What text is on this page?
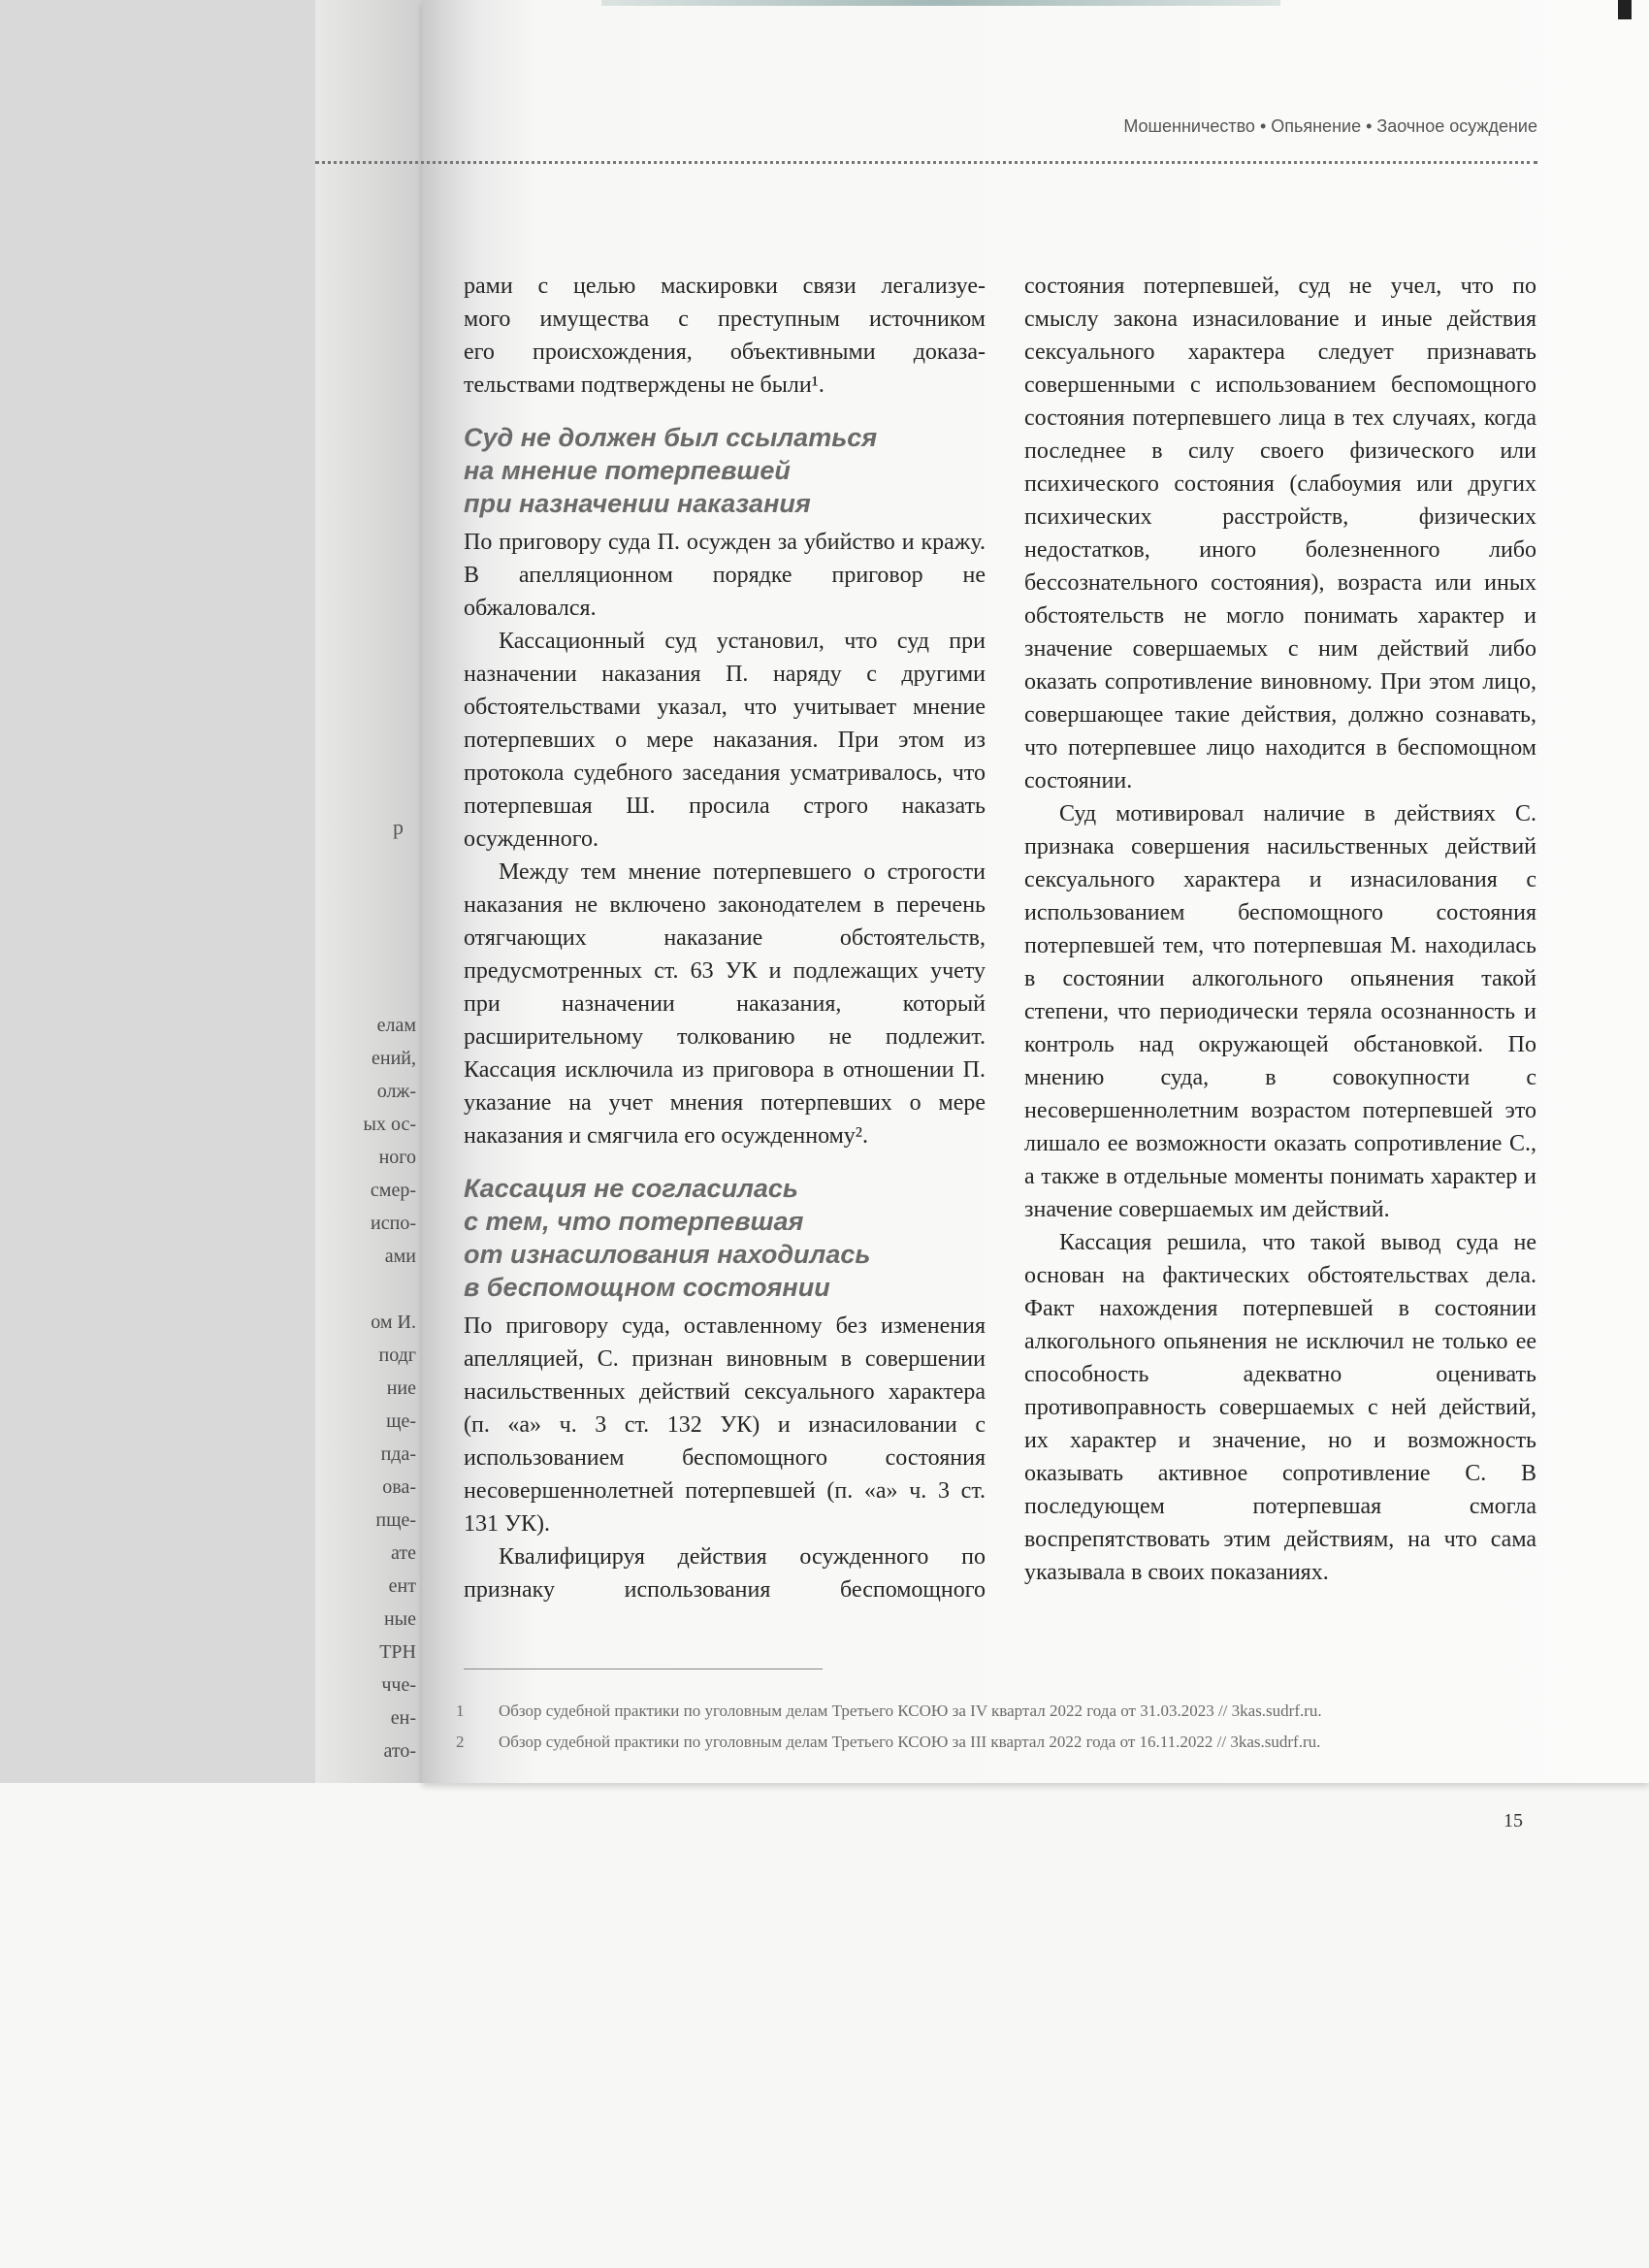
р
елам
ений,
олж-
ых ос-
ного
смер-
испо-
ами

ом И.
подг
ние
ще-
пда-
ова-
пще-
ате
ент
ные
ТРН
чче-
ен-
ато-
Мошенничество • Опьянение • Заочное осуждение

рами с целью маскировки связи легализуе-

мого имущества с преступным источником

его происхождения, объективными доказа-

тельствами подтверждены не были¹.

Суд не должен был ссылаться
на мнение потерпевшей
при назначении наказания

По приговору суда П. осужден за убийство и кражу. В апелляционном порядке приговор не обжаловался.

Кассационный суд установил, что суд при назначении наказания П. наряду с другими обстоятельствами указал, что учитывает мнение потерпевших о мере наказания. При этом из протокола судебного заседания усматривалось, что потерпевшая Ш. просила строго наказать осужденного.

Между тем мнение потерпевшего о строгости наказания не включено законодателем в перечень отягчающих наказание обстоятельств, предусмотренных ст. 63 УК и подлежащих учету при назначении наказания, который расширительному толкованию не подлежит. Кассация исключила из приговора в отношении П. указание на учет мнения потерпевших о мере наказания и смягчила его осужденному².

Кассация не согласилась
с тем, что потерпевшая
от изнасилования находилась
в беспомощном состоянии

По приговору суда, оставленному без изменения апелляцией, С. признан виновным в совершении насильственных действий сексуального характера (п. «а» ч. 3 ст. 132 УК) и изнасиловании с использованием беспомощного состояния несовершеннолетней потерпевшей (п. «а» ч. 3 ст. 131 УК).

Квалифицируя действия осужденного по признаку использования беспомощного

состояния потерпевшей, суд не учел, что по смыслу закона изнасилование и иные действия сексуального характера следует признавать совершенными с использованием беспомощного состояния потерпевшего лица в тех случаях, когда последнее в силу своего физического или психического состояния (слабоумия или других психических расстройств, физических недостатков, иного болезненного либо бессознательного состояния), возраста или иных обстоятельств не могло понимать характер и значение совершаемых с ним действий либо оказать сопротивление виновному. При этом лицо, совершающее такие действия, должно сознавать, что потерпевшее лицо находится в беспомощном состоянии.

Суд мотивировал наличие в действиях С. признака совершения насильственных действий сексуального характера и изнасилования с использованием беспомощного состояния потерпевшей тем, что потерпевшая М. находилась в состоянии алкогольного опьянения такой степени, что периодически теряла осознанность и контроль над окружающей обстановкой. По мнению суда, в совокупности с несовершеннолетним возрастом потерпевшей это лишало ее возможности оказать сопротивление С., а также в отдельные моменты понимать характер и значение совершаемых им действий.

Кассация решила, что такой вывод суда не основан на фактических обстоятельствах дела. Факт нахождения потерпевшей в состоянии алкогольного опьянения не исключил не только ее способность адекватно оценивать противоправность совершаемых с ней действий, их характер и значение, но и возможность оказывать активное сопротивление С. В последующем потерпевшая смогла воспрепятствовать этим действиям, на что сама указывала в своих показаниях.

1	Обзор судебной практики по уголовным делам Третьего КСОЮ за IV квартал 2022 года от 31.03.2023 // 3kas.sudrf.ru.
2	Обзор судебной практики по уголовным делам Третьего КСОЮ за III квартал 2022 года от 16.11.2022 // 3kas.sudrf.ru.
15
